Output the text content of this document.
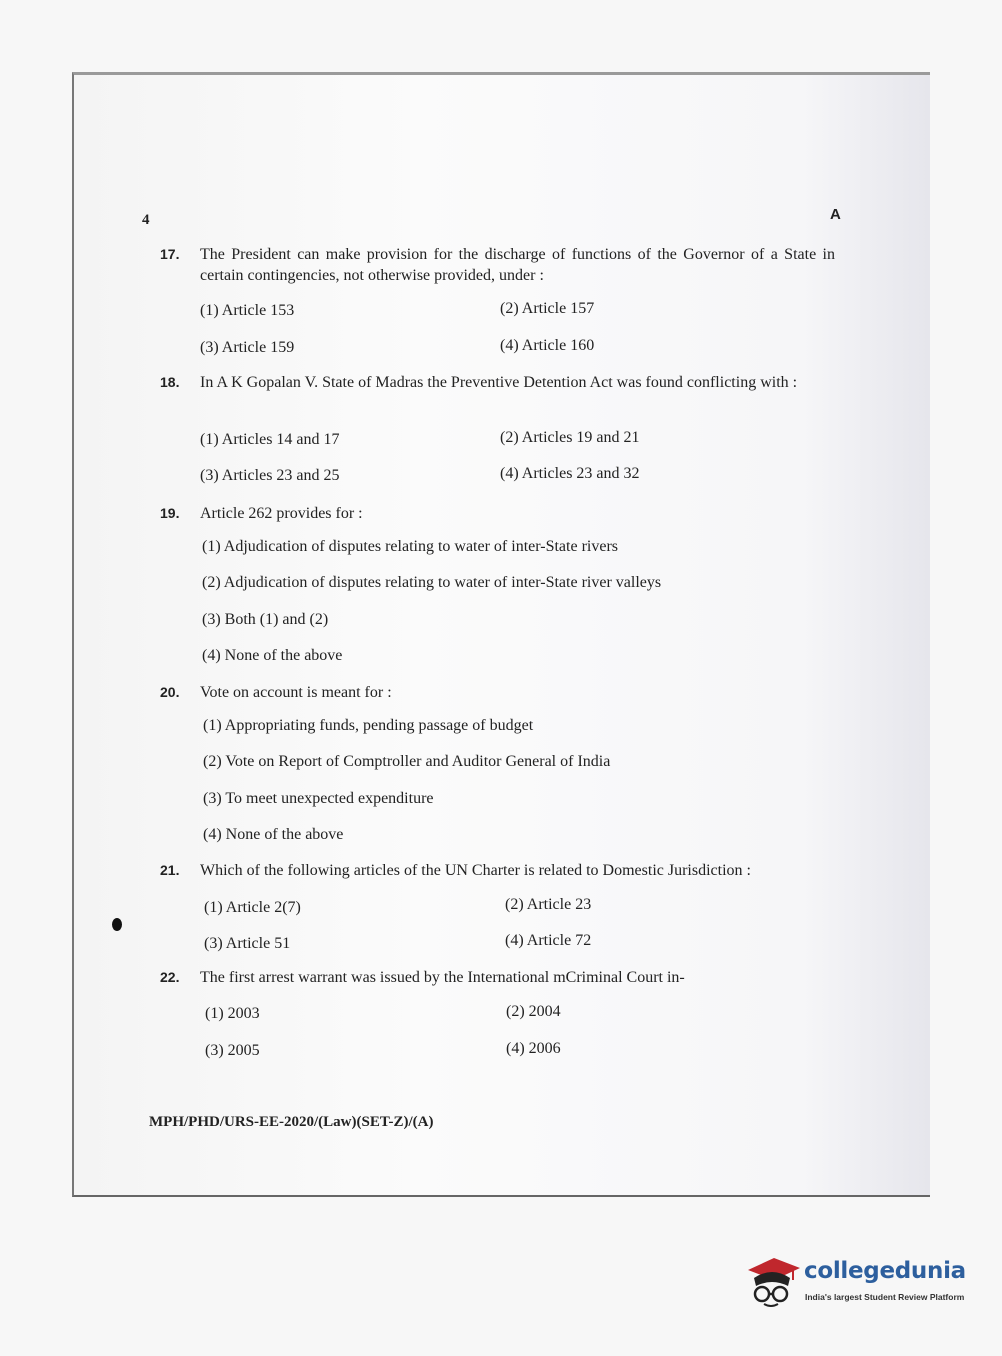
4	A
17. The President can make provision for the discharge of functions of the Governor of a State in certain contingencies, not otherwise provided, under :
(1) Article 153	(2) Article 157
(3) Article 159	(4) Article 160
18. In A K Gopalan V. State of Madras the Preventive Detention Act was found conflicting with :
(1) Articles 14 and 17	(2) Articles 19 and 21
(3) Articles 23 and 25	(4) Articles 23 and 32
19. Article 262 provides for :
(1) Adjudication of disputes relating to water of inter-State rivers
(2) Adjudication of disputes relating to water of inter-State river valleys
(3) Both (1) and (2)
(4) None of the above
20. Vote on account is meant for :
(1) Appropriating funds, pending passage of budget
(2) Vote on Report of Comptroller and Auditor General of India
(3) To meet unexpected expenditure
(4) None of the above
21. Which of the following articles of the UN Charter is related to Domestic Jurisdiction :
(1) Article 2(7)	(2) Article 23
(3) Article 51	(4) Article 72
22. The first arrest warrant was issued by the International mCriminal Court in-
(1) 2003	(2) 2004
(3) 2005	(4) 2006
MPH/PHD/URS-EE-2020/(Law)(SET-Z)/(A)
collegedunia
India's largest Student Review Platform
